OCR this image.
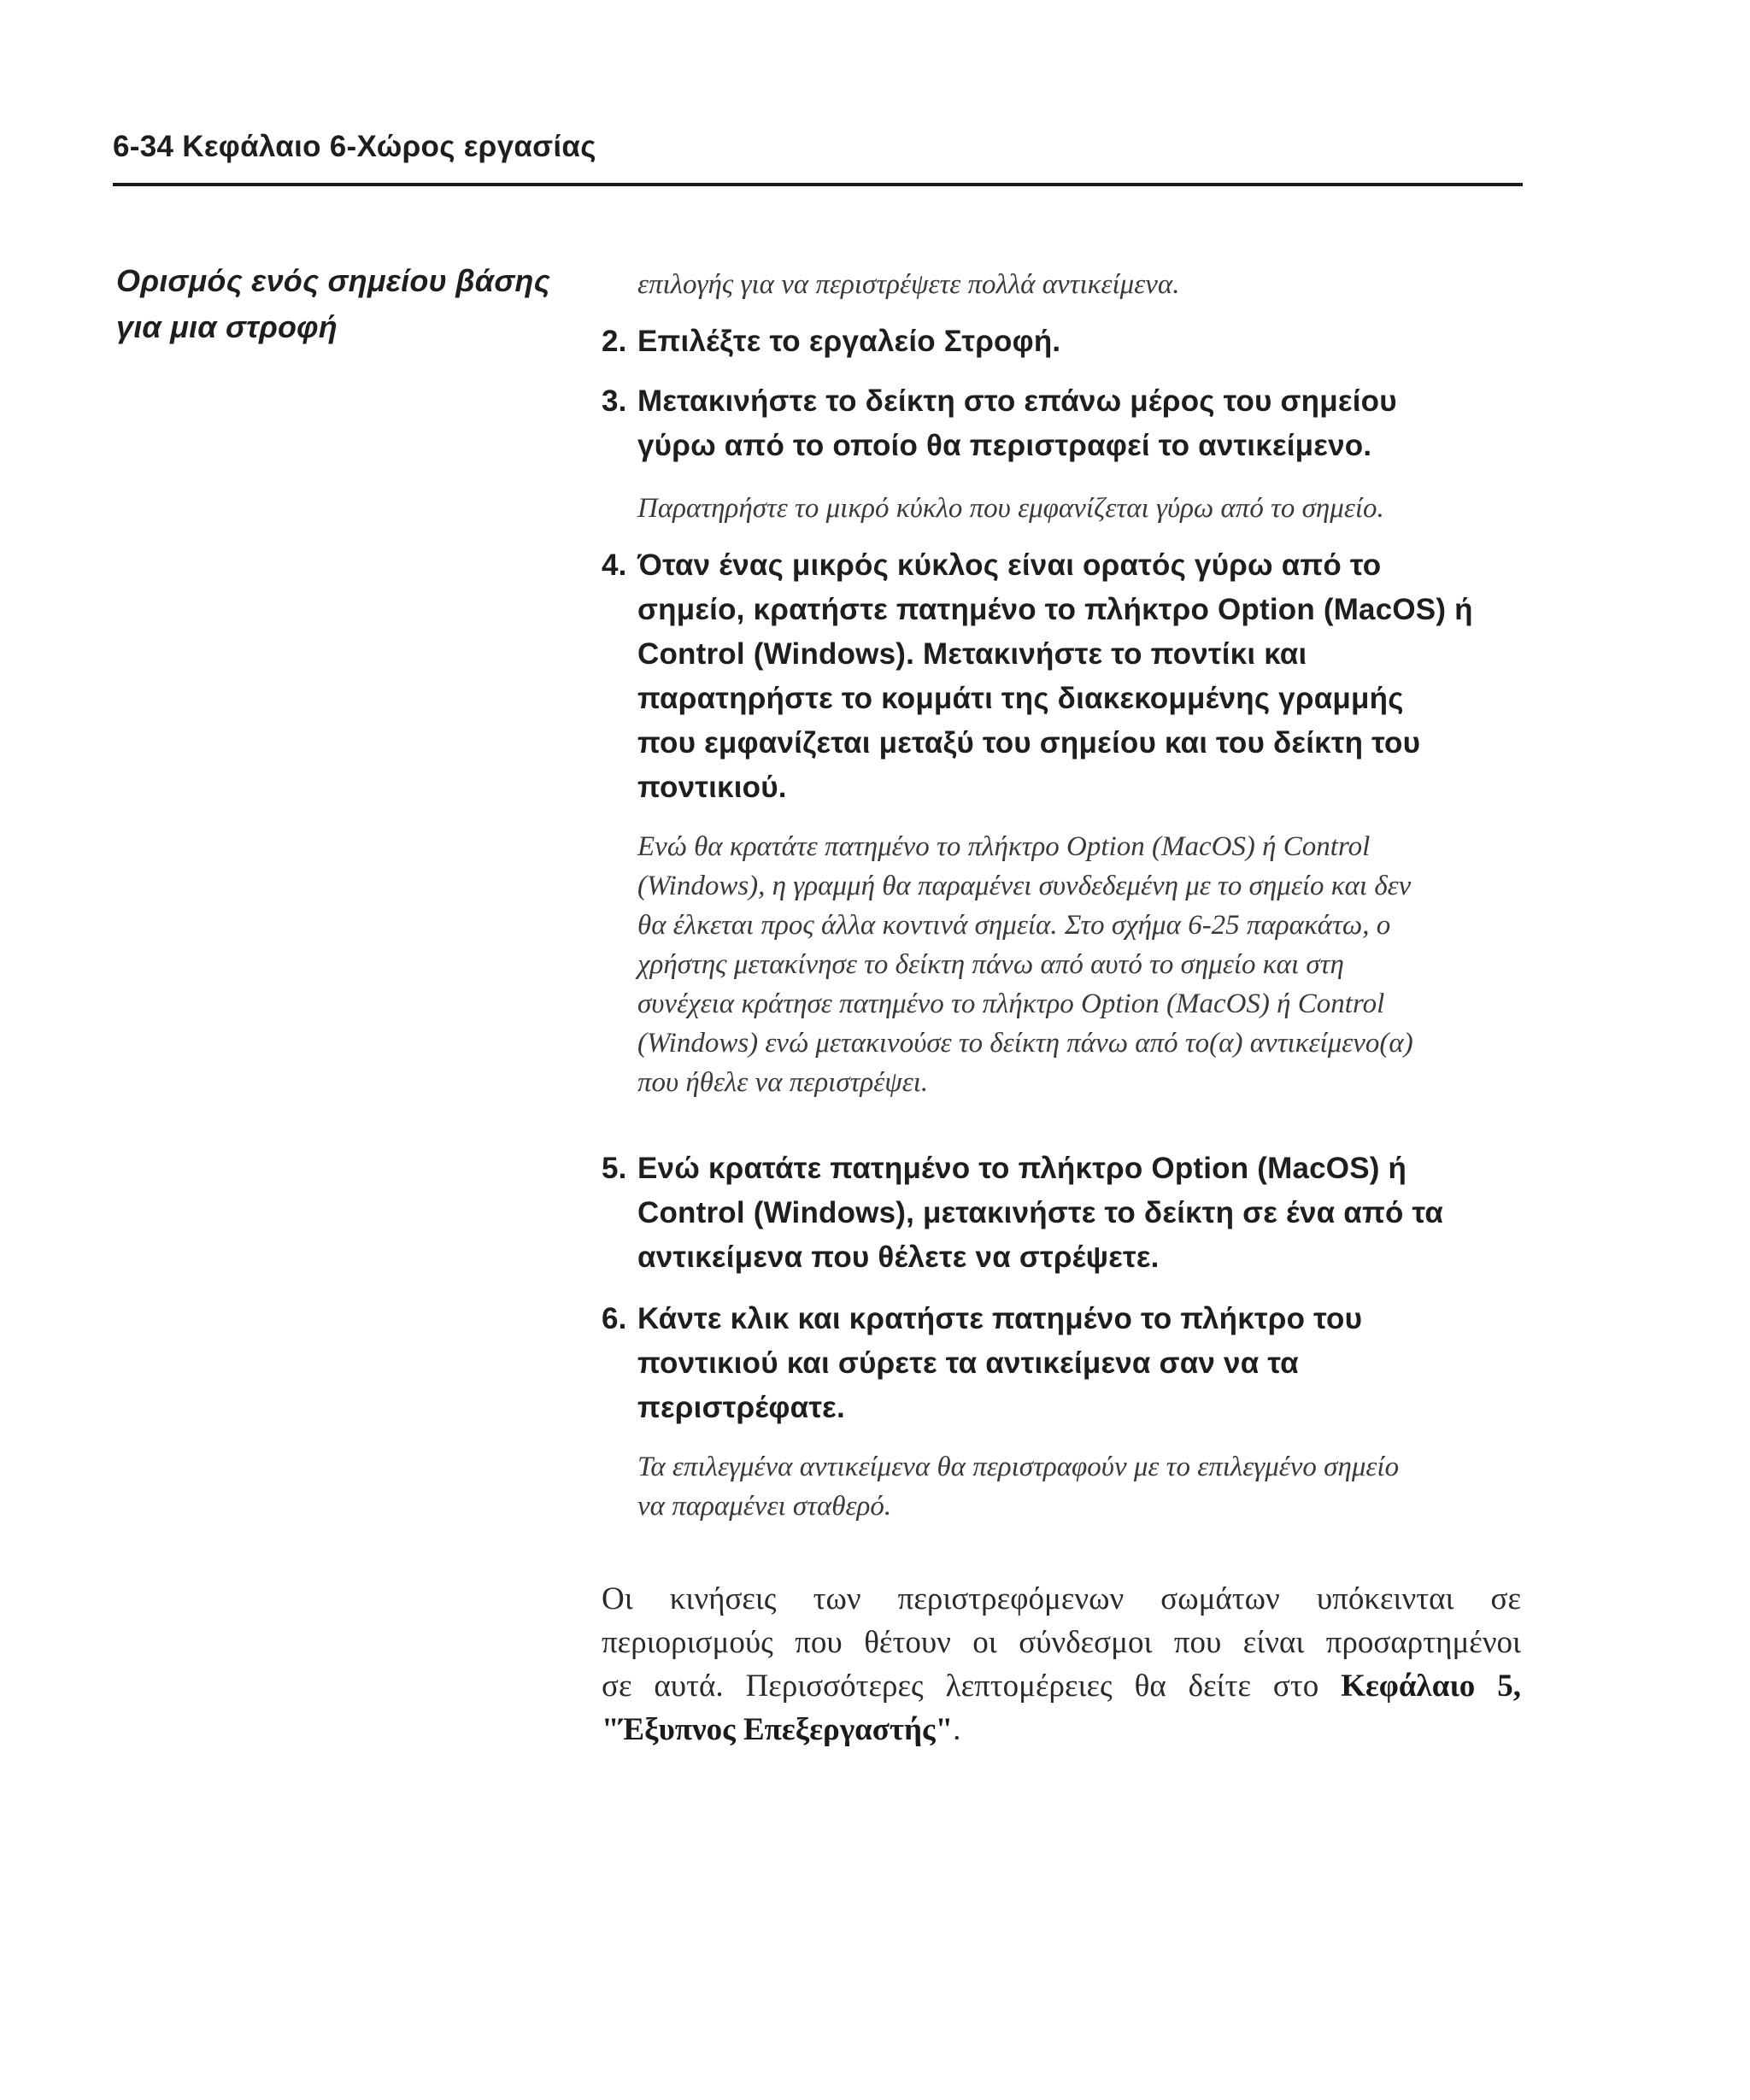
6-34 Κεφάλαιο 6-Χώρος εργασίας
Ορισμός ενός σημείου βάσης
για μια στροφή
επιλογής για να περιστρέψετε πολλά αντικείμενα.
2. Επιλέξτε το εργαλείο Στροφή.
3. Μετακινήστε το δείκτη στο επάνω μέρος του σημείου
γύρω από το οποίο θα περιστραφεί το αντικείμενο.
Παρατηρήστε το μικρό κύκλο που εμφανίζεται γύρω από το σημείο.
4. Όταν ένας μικρός κύκλος είναι ορατός γύρω από το
σημείο, κρατήστε πατημένο το πλήκτρο Option (MacOS) ή
Control (Windows). Μετακινήστε το ποντίκι και
παρατηρήστε το κομμάτι της διακεκομμένης γραμμής
που εμφανίζεται μεταξύ του σημείου και του δείκτη του
ποντικιού.
Ενώ θα κρατάτε πατημένο το πλήκτρο Option (MacOS) ή Control
(Windows), η γραμμή θα παραμένει συνδεδεμένη με το σημείο και δεν
θα έλκεται προς άλλα κοντινά σημεία. Στο σχήμα 6-25 παρακάτω, ο
χρήστης μετακίνησε το δείκτη πάνω από αυτό το σημείο και στη
συνέχεια κράτησε πατημένο το πλήκτρο Option (MacOS) ή Control
(Windows) ενώ μετακινούσε το δείκτη πάνω από το(α) αντικείμενο(α)
που ήθελε να περιστρέψει.
5. Ενώ κρατάτε πατημένο το πλήκτρο Option (MacOS) ή
Control (Windows), μετακινήστε το δείκτη σε ένα από τα
αντικείμενα που θέλετε να στρέψετε.
6. Κάντε κλικ και κρατήστε πατημένο το πλήκτρο του
ποντικιού και σύρετε τα αντικείμενα σαν να τα
περιστρέφατε.
Τα επιλεγμένα αντικείμενα θα περιστραφούν με το επιλεγμένο σημείο
να παραμένει σταθερό.
Οι κινήσεις των περιστρεφόμενων σωμάτων υπόκεινται σε
περιορισμούς που θέτουν οι σύνδεσμοι που είναι προσαρτημένοι
σε αυτά. Περισσότερες λεπτομέρειες θα δείτε στο Κεφάλαιο 5,
"Έξυπνος Επεξεργαστής".
